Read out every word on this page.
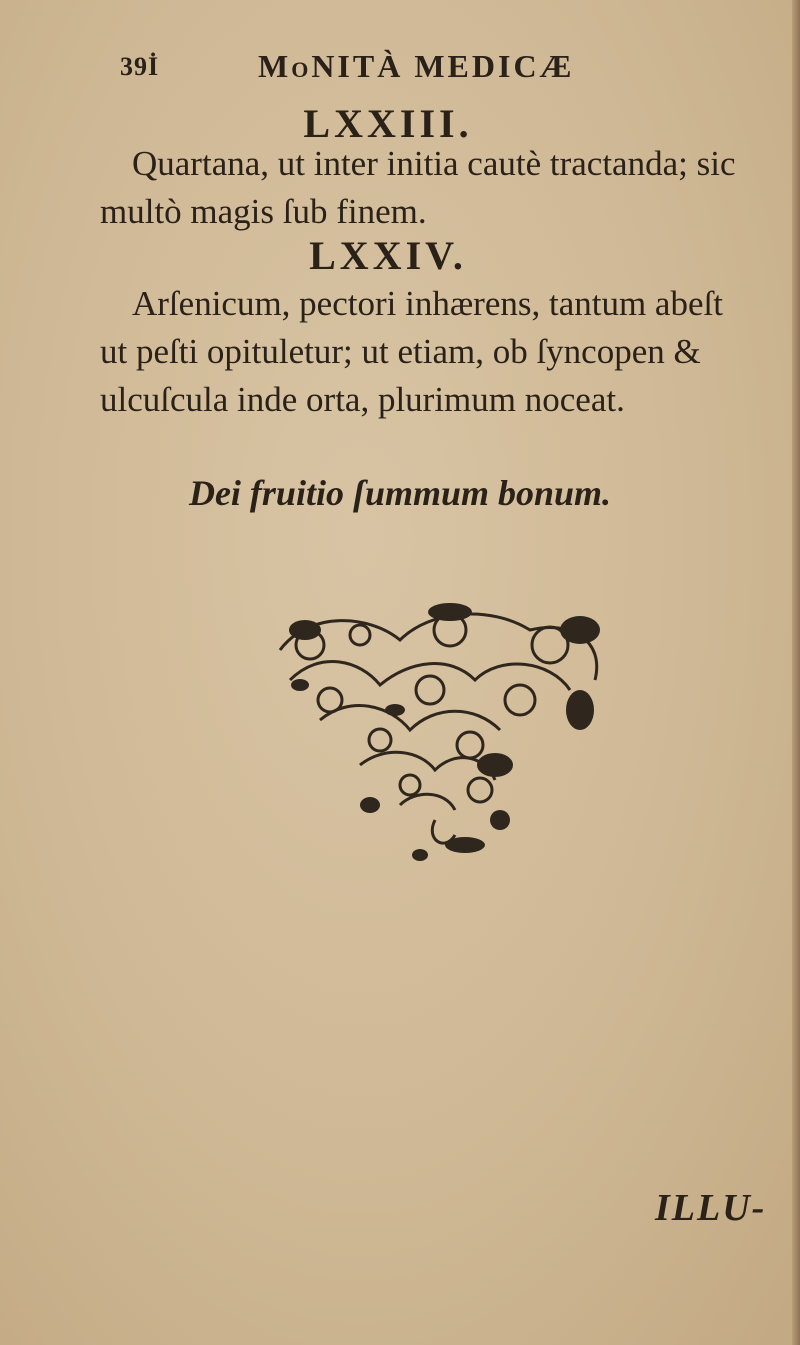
39İ	MoNITÀ MEDICÆ
LXXIII.

Quartana, ut inter initia cautè tractanda; sic

multò magis ſub finem.

LXXIV.

Arſenicum, pectori inhærens, tantum abeſt

ut peſti opituletur; ut etiam, ob ſyncopen &

ulcuſcula inde orta, plurimum noceat.

Dei fruitio ſummum bonum.
ILLU-
